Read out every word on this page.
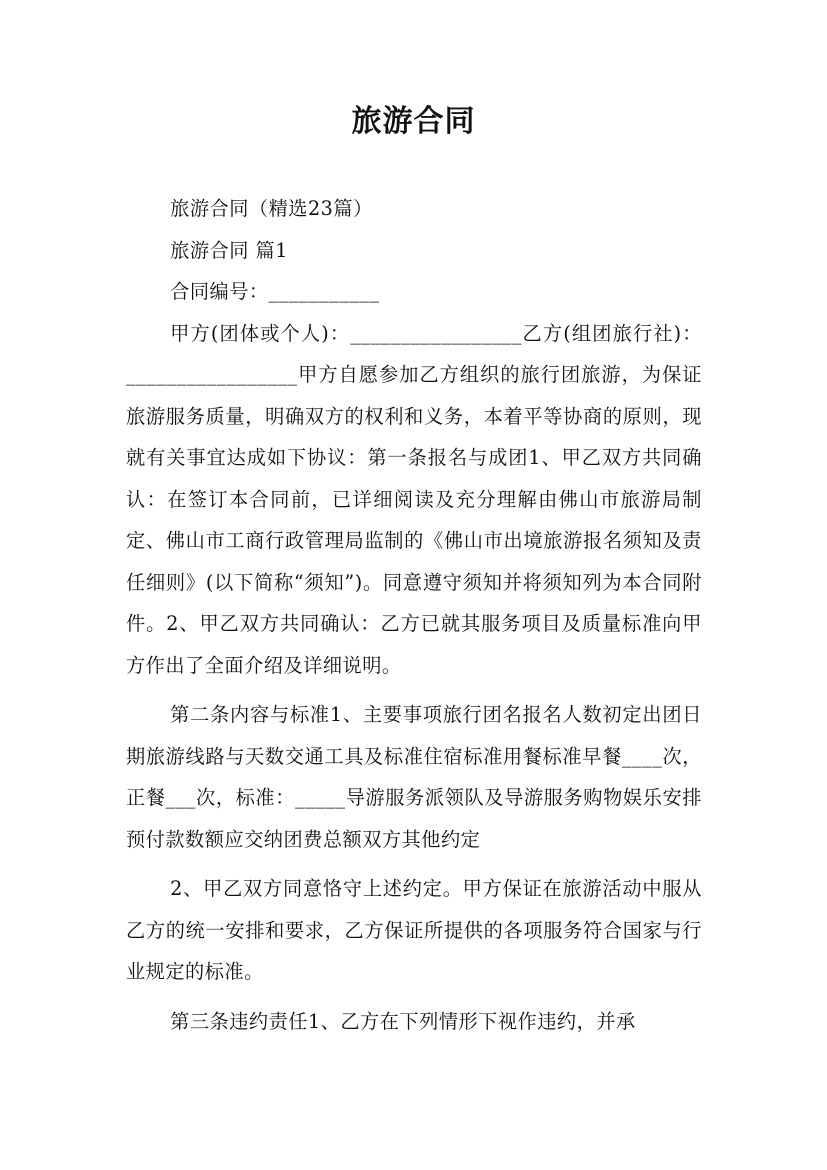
旅游合同

旅游合同（精选23篇）

旅游合同 篇1

合同编号：___________

甲方(团体或个人)：_________________乙方(组团旅行社)：_________________甲方自愿参加乙方组织的旅行团旅游，为保证旅游服务质量，明确双方的权利和义务，本着平等协商的原则，现就有关事宜达成如下协议：第一条报名与成团1、甲乙双方共同确认：在签订本合同前，已详细阅读及充分理解由佛山市旅游局制定、佛山市工商行政管理局监制的《佛山市出境旅游报名须知及责任细则》(以下简称“须知”)。同意遵守须知并将须知列为本合同附件。2、甲乙双方共同确认：乙方已就其服务项目及质量标准向甲方作出了全面介绍及详细说明。

第二条内容与标准1、主要事项旅行团名报名人数初定出团日期旅游线路与天数交通工具及标准住宿标准用餐标准早餐____次，正餐___次，标准：_____导游服务派领队及导游服务购物娱乐安排预付款数额应交纳团费总额双方其他约定

2、甲乙双方同意恪守上述约定。甲方保证在旅游活动中服从乙方的统一安排和要求，乙方保证所提供的各项服务符合国家与行业规定的标准。

第三条违约责任1、乙方在下列情形下视作违约，并承
